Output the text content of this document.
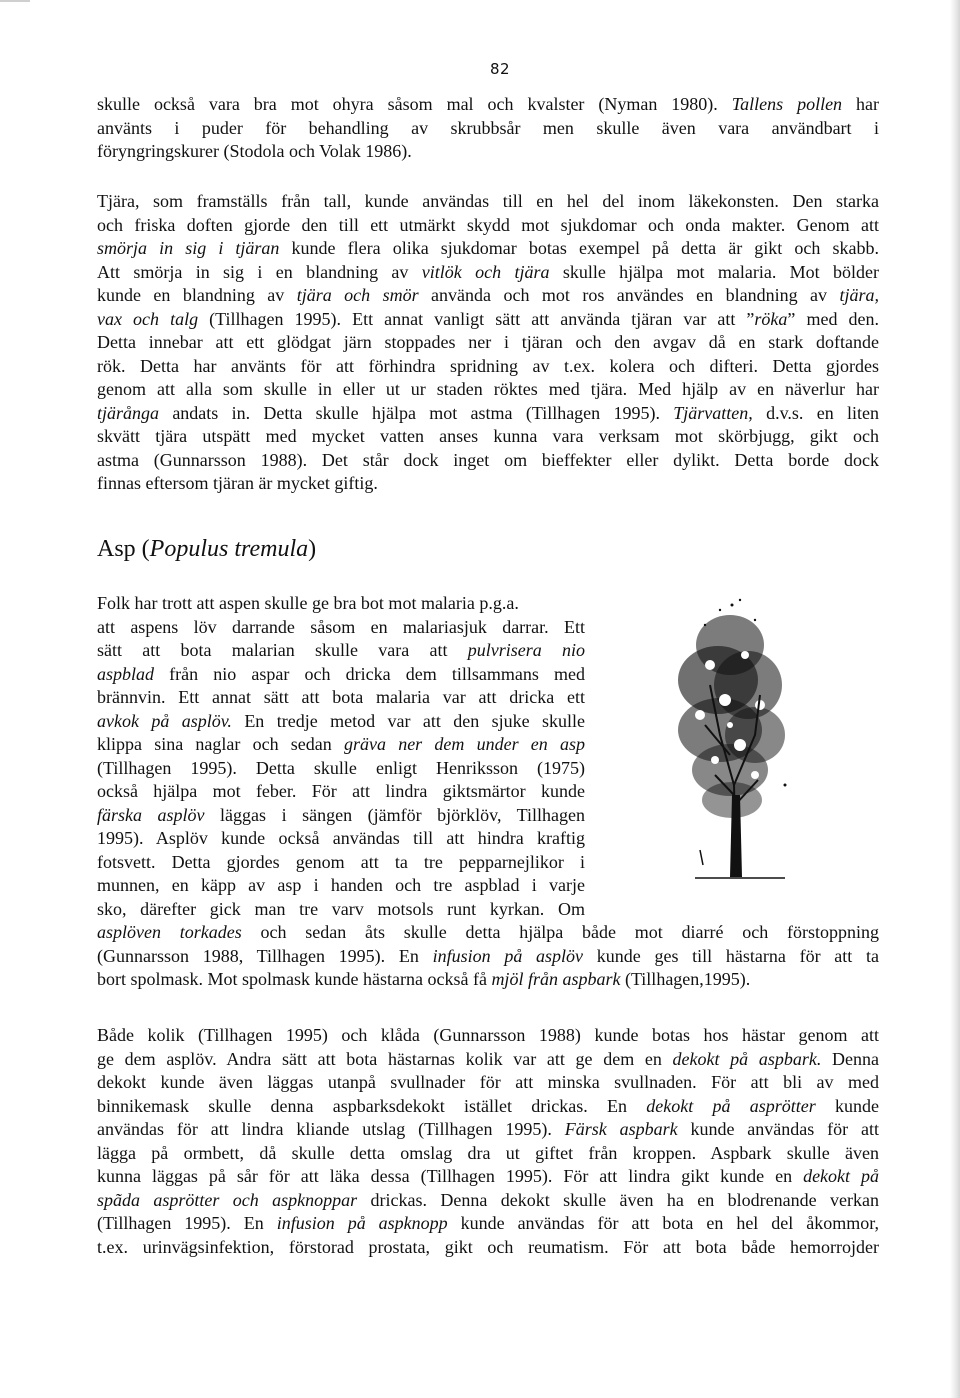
82
skulle också vara bra mot ohyra såsom mal och kvalster (Nyman 1980). Tallens pollen har
använts i puder för behandling av skrubbsår men skulle även vara användbart i
föryngringskurer (Stodola och Volak 1986).
Tjära, som framställs från tall, kunde användas till en hel del inom läkekonsten. Den starka
och friska doften gjorde den till ett utmärkt skydd mot sjukdomar och onda makter. Genom att
smörja in sig i tjäran kunde flera olika sjukdomar botas exempel på detta är gikt och skabb.
Att smörja in sig i en blandning av vitlök och tjära skulle hjälpa mot malaria. Mot bölder
kunde en blandning av tjära och smör använda och mot ros användes en blandning av tjära,
vax och talg (Tillhagen 1995). Ett annat vanligt sätt att använda tjäran var att ”röka” med den.
Detta innebar att ett glödgat järn stoppades ner i tjäran och den avgav då en stark doftande
rök. Detta har använts för att förhindra spridning av t.ex. kolera och difteri. Detta gjordes
genom att alla som skulle in eller ut ur staden röktes med tjära. Med hjälp av en näverlur har
tjärånga andats in. Detta skulle hjälpa mot astma (Tillhagen 1995). Tjärvatten, d.v.s. en liten
skvätt tjära utspätt med mycket vatten anses kunna vara verksam mot skörbjugg, gikt och
astma (Gunnarsson 1988). Det står dock inget om bieffekter eller dylikt. Detta borde dock
finnas eftersom tjäran är mycket giftig.
Asp (Populus tremula)
Folk har trott att aspen skulle ge bra bot mot malaria p.g.a.
att aspens löv darrande såsom en malariasjuk darrar. Ett
sätt att bota malarian skulle vara att pulvrisera nio
aspblad från nio aspar och dricka dem tillsammans med
brännvin. Ett annat sätt att bota malaria var att dricka ett
avkok på asplöv. En tredje metod var att den sjuke skulle
klippa sina naglar och sedan gräva ner dem under en asp
(Tillhagen 1995). Detta skulle enligt Henriksson (1975)
också hjälpa mot feber. För att lindra giktsmärtor kunde
färska asplöv läggas i sängen (jämför björklöv, Tillhagen
1995). Asplöv kunde också användas till att hindra kraftig
fotsvett. Detta gjordes genom att ta tre pepparnejlikor i
munnen, en käpp av asp i handen och tre aspblad i varje
sko, därefter gick man tre varv motsols runt kyrkan. Om
asplöven torkades och sedan åts skulle detta hjälpa både mot diarré och förstoppning
(Gunnarsson 1988, Tillhagen 1995). En infusion på asplöv kunde ges till hästarna för att ta
bort spolmask. Mot spolmask kunde hästarna också få mjöl från aspbark (Tillhagen,1995).
Både kolik (Tillhagen 1995) och klåda (Gunnarsson 1988) kunde botas hos hästar genom att
ge dem asplöv. Andra sätt att bota hästarnas kolik var att ge dem en dekokt på aspbark. Denna
dekokt kunde även läggas utanpå svullnader för att minska svullnaden. För att bli av med
binnikemask skulle denna aspbarksdekokt istället drickas. En dekokt på asprötter kunde
användas för att lindra kliande utslag (Tillhagen 1995). Färsk aspbark kunde användas för att
lägga på ormbett, då skulle detta omslag dra ut giftet från kroppen. Aspbark skulle även
kunna läggas på sår för att läka dessa (Tillhagen 1995). För att lindra gikt kunde en dekokt på
spãda asprötter och aspknoppar drickas. Denna dekokt skulle även ha en blodrenande verkan
(Tillhagen 1995). En infusion på aspknopp kunde användas för att bota en hel del åkommor,
t.ex. urinvägsinfektion, förstorad prostata, gikt och reumatism. För att bota både hemorrojder
